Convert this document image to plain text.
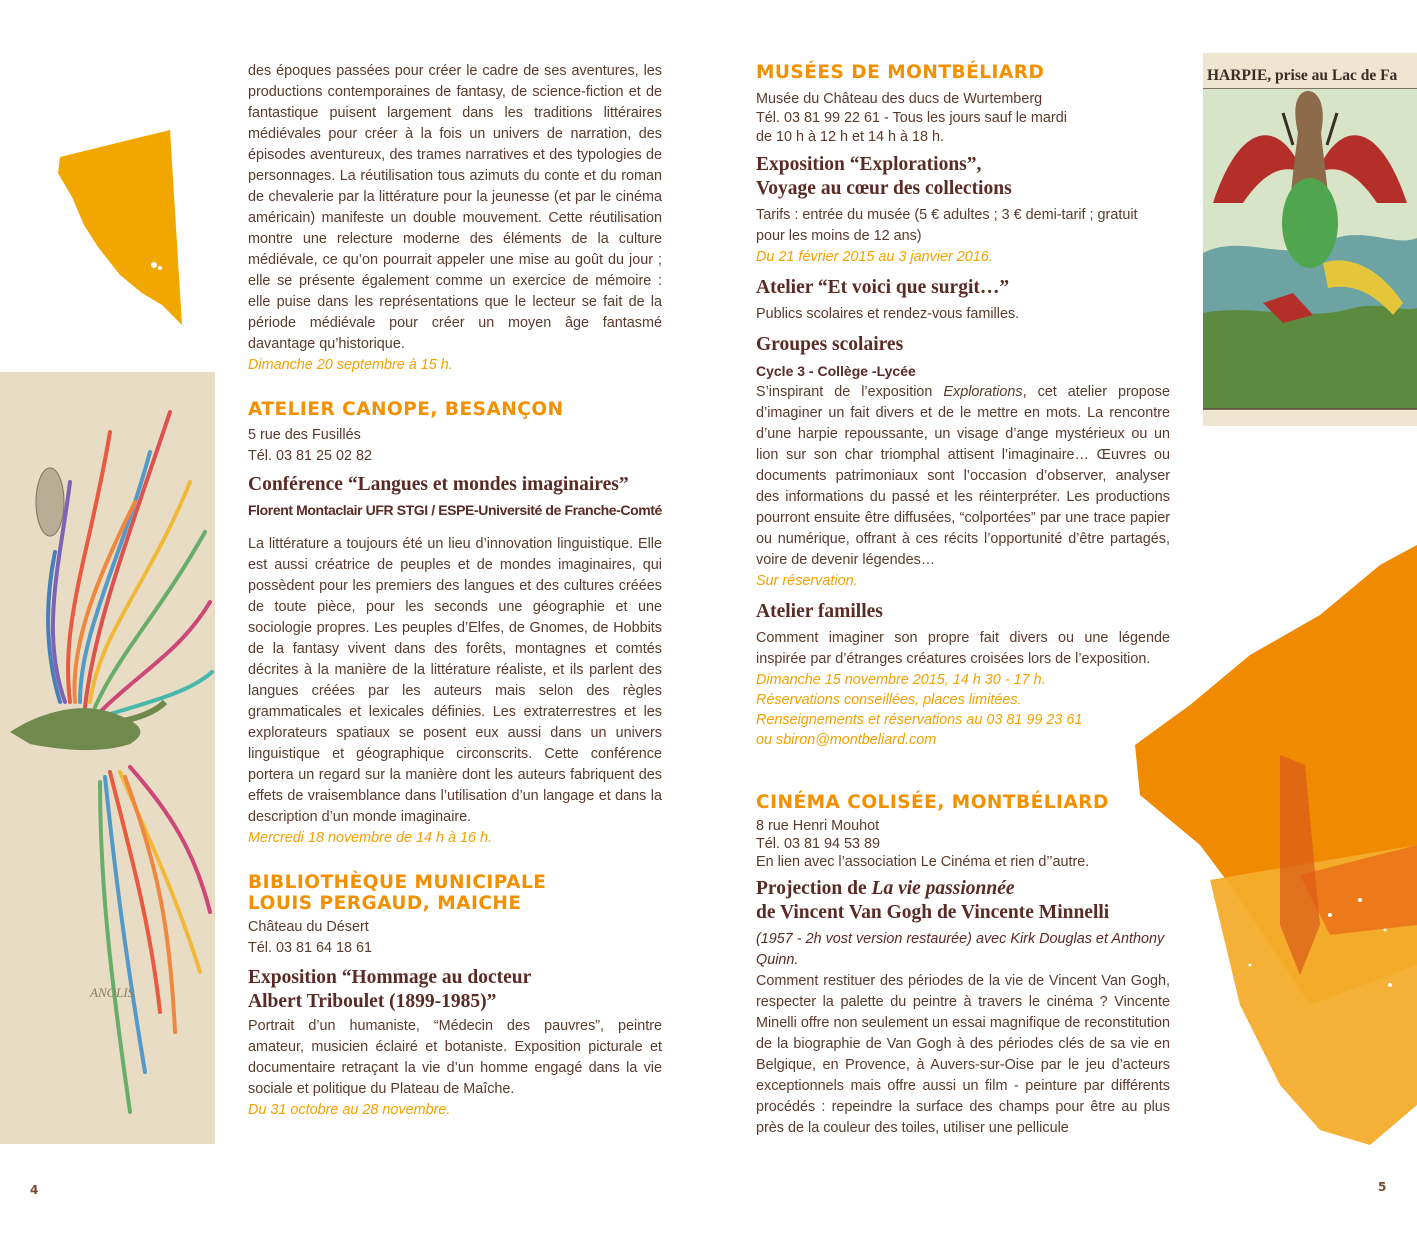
ANOLIS
HARPIE, prise au Lac de Fa

des époques passées pour créer le cadre de ses aventures, les productions contemporaines de fantasy, de science-fiction et de fantastique puisent largement dans les traditions littéraires médiévales pour créer à la fois un univers de narration, des épisodes aventureux, des trames narratives et des typologies de personnages. La réutilisation tous azimuts du conte et du roman de chevalerie par la littérature pour la jeunesse (et par le cinéma américain) manifeste un double mouvement. Cette réutilisation montre une relecture moderne des éléments de la culture médiévale, ce qu’on pourrait appeler une mise au goût du jour ; elle se présente également comme un exercice de mémoire : elle puise dans les représentations que le lecteur se fait de la période médiévale pour créer un moyen âge fantasmé davantage qu’historique.

Dimanche 20 septembre à 15 h.

ATELIER CANOPE, BESANÇON
5 rue des Fusillés
Tél. 03 81 25 02 82
Conférence “Langues et mondes imaginaires”
Florent Montaclair UFR STGI / ESPE-Université de Franche-Comté

La littérature a toujours été un lieu d’innovation linguistique. Elle est aussi créatrice de peuples et de mondes imaginaires, qui possèdent pour les premiers des langues et des cultures créées de toute pièce, pour les seconds une géographie et une sociologie propres. Les peuples d’Elfes, de Gnomes, de Hobbits de la fantasy vivent dans des forêts, montagnes et comtés décrites à la manière de la littérature réaliste, et ils parlent des langues créées par les auteurs mais selon des règles grammaticales et lexicales définies. Les extraterrestres et les explorateurs spatiaux se posent eux aussi dans un univers linguistique et géographique circonscrits. Cette conférence portera un regard sur la manière dont les auteurs fabriquent des effets de vraisemblance dans l’utilisation d’un langage et dans la description d’un monde imaginaire.

Mercredi 18 novembre de 14 h à 16 h.

BIBLIOTHÈQUE MUNICIPALE
LOUIS PERGAUD, MAICHE
Château du Désert
Tél. 03 81 64 18 61
Exposition “Hommage au docteur
Albert Triboulet (1899-1985)”

Portrait d’un humaniste, “Médecin des pauvres”, peintre amateur, musicien éclairé et botaniste. Exposition picturale et documentaire retraçant la vie d’un homme engagé dans la vie sociale et politique du Plateau de Maîche.

Du 31 octobre au 28 novembre.

MUSÉES DE MONTBÉLIARD
Musée du Château des ducs de Wurtemberg
Tél. 03 81 99 22 61 - Tous les jours sauf le mardi
de 10 h à 12 h et 14 h à 18 h.
Exposition “Explorations”,
Voyage au cœur des collections

Tarifs : entrée du musée (5 € adultes ; 3 € demi-tarif ; gratuit pour les moins de 12 ans)

Du 21 février 2015 au 3 janvier 2016.

Atelier “Et voici que surgit…”

Publics scolaires et rendez-vous familles.

Groupes scolaires
Cycle 3 - Collège -Lycée

S’inspirant de l’exposition Explorations, cet atelier propose d’imaginer un fait divers et de le mettre en mots. La rencontre d’une harpie repoussante, un visage d’ange mystérieux ou un lion sur son char triomphal attisent l’imaginaire… Œuvres ou documents patrimoniaux sont l’occasion d’observer, analyser des informations du passé et les réinterpréter. Les productions pourront ensuite être diffusées, “colportées” par une trace papier ou numérique, offrant à ces récits l’opportunité d’être partagés, voire de devenir légendes…

Sur réservation.

Atelier familles

Comment imaginer son propre fait divers ou une légende inspirée par d’étranges créatures croisées lors de l’exposition.

Dimanche 15 novembre 2015, 14 h 30 - 17 h.

Réservations conseillées, places limitées.

Renseignements et réservations au 03 81 99 23 61

ou sbiron@montbeliard.com

CINÉMA COLISÉE, MONTBÉLIARD
8 rue Henri Mouhot
Tél. 03 81 94 53 89
En lien avec l’association Le Cinéma et rien d’’autre.
Projection de La vie passionnée
de Vincent Van Gogh de Vincente Minnelli

(1957 - 2h vost version restaurée) avec Kirk Douglas et Anthony Quinn.

Comment restituer des périodes de la vie de Vincent Van Gogh, respecter la palette du peintre à travers le cinéma ? Vincente Minelli offre non seulement un essai magnifique de reconstitution de la biographie de Van Gogh à des périodes clés de sa vie en Belgique, en Provence, à Auvers-sur-Oise par le jeu d’acteurs exceptionnels mais offre aussi un film - peinture par différents procédés : repeindre la surface des champs pour être au plus près de la couleur des toiles, utiliser une pellicule

4	5
